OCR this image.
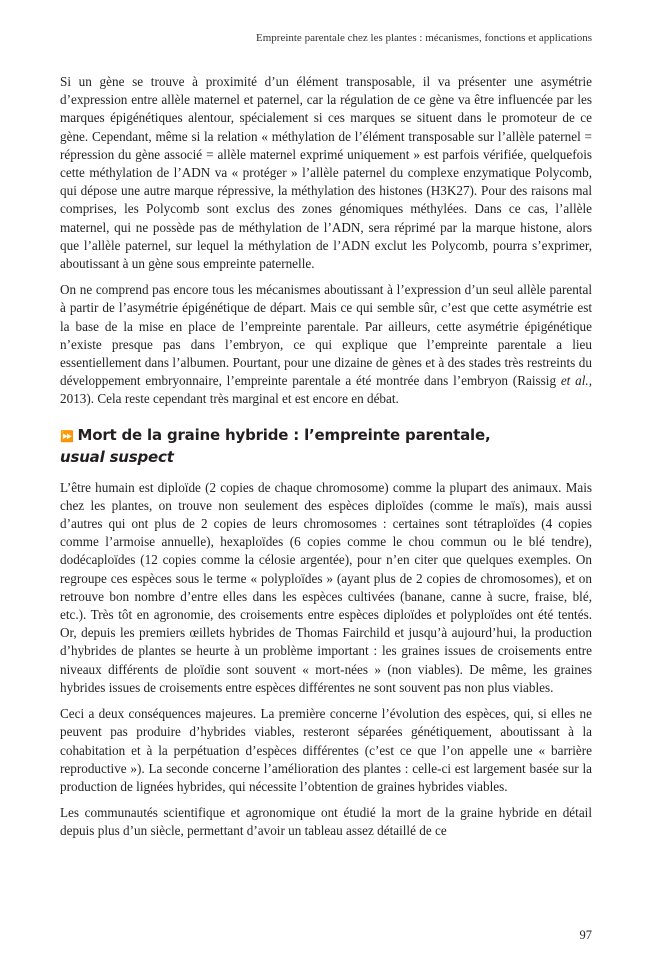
Empreinte parentale chez les plantes : mécanismes, fonctions et applications

Si un gène se trouve à proximité d’un élément transposable, il va présenter une asymétrie d’expression entre allèle maternel et paternel, car la régulation de ce gène va être influencée par les marques épigénétiques alentour, spécialement si ces marques se situent dans le promoteur de ce gène. Cependant, même si la relation « méthylation de l’élément transposable sur l’allèle paternel = répression du gène associé = allèle maternel exprimé uniquement » est parfois vérifiée, quelquefois cette méthylation de l’ADN va « protéger » l’allèle paternel du complexe enzymatique Polycomb, qui dépose une autre marque répressive, la méthylation des histones (H3K27). Pour des raisons mal comprises, les Polycomb sont exclus des zones génomiques méthylées. Dans ce cas, l’allèle maternel, qui ne possède pas de méthylation de l’ADN, sera réprimé par la marque histone, alors que l’allèle paternel, sur lequel la méthylation de l’ADN exclut les Polycomb, pourra s’exprimer, aboutissant à un gène sous empreinte paternelle.

On ne comprend pas encore tous les mécanismes aboutissant à l’expression d’un seul allèle parental à partir de l’asymétrie épigénétique de départ. Mais ce qui semble sûr, c’est que cette asymétrie est la base de la mise en place de l’empreinte parentale. Par ailleurs, cette asymétrie épigénétique n’existe presque pas dans l’embryon, ce qui explique que l’empreinte parentale a lieu essentiellement dans l’albumen. Pourtant, pour une dizaine de gènes et à des stades très restreints du développement embryonnaire, l’empreinte parentale a été montrée dans l’embryon (Raissig et al., 2013). Cela reste cependant très marginal et est encore en débat.

⏩ Mort de la graine hybride : l’empreinte parentale,
usual suspect

L’être humain est diploïde (2 copies de chaque chromosome) comme la plupart des animaux. Mais chez les plantes, on trouve non seulement des espèces diploïdes (comme le maïs), mais aussi d’autres qui ont plus de 2 copies de leurs chromosomes : certaines sont tétraploïdes (4 copies comme l’armoise annuelle), hexaploïdes (6 copies comme le chou commun ou le blé tendre), dodécaploïdes (12 copies comme la célosie argentée), pour n’en citer que quelques exemples. On regroupe ces espèces sous le terme « polyploïdes » (ayant plus de 2 copies de chromosomes), et on retrouve bon nombre d’entre elles dans les espèces cultivées (banane, canne à sucre, fraise, blé, etc.). Très tôt en agronomie, des croisements entre espèces diploïdes et polyploïdes ont été tentés. Or, depuis les premiers œillets hybrides de Thomas Fairchild et jusqu’à aujourd’hui, la production d’hybrides de plantes se heurte à un problème important : les graines issues de croisements entre niveaux différents de ploïdie sont souvent « mort-nées » (non viables). De même, les graines hybrides issues de croisements entre espèces différentes ne sont souvent pas non plus viables.

Ceci a deux conséquences majeures. La première concerne l’évolution des espèces, qui, si elles ne peuvent pas produire d’hybrides viables, resteront séparées génétiquement, aboutissant à la cohabitation et à la perpétuation d’espèces différentes (c’est ce que l’on appelle une « barrière reproductive »). La seconde concerne l’amélioration des plantes : celle-ci est largement basée sur la production de lignées hybrides, qui nécessite l’obtention de graines hybrides viables.

Les communautés scientifique et agronomique ont étudié la mort de la graine hybride en détail depuis plus d’un siècle, permettant d’avoir un tableau assez détaillé de ce

97
